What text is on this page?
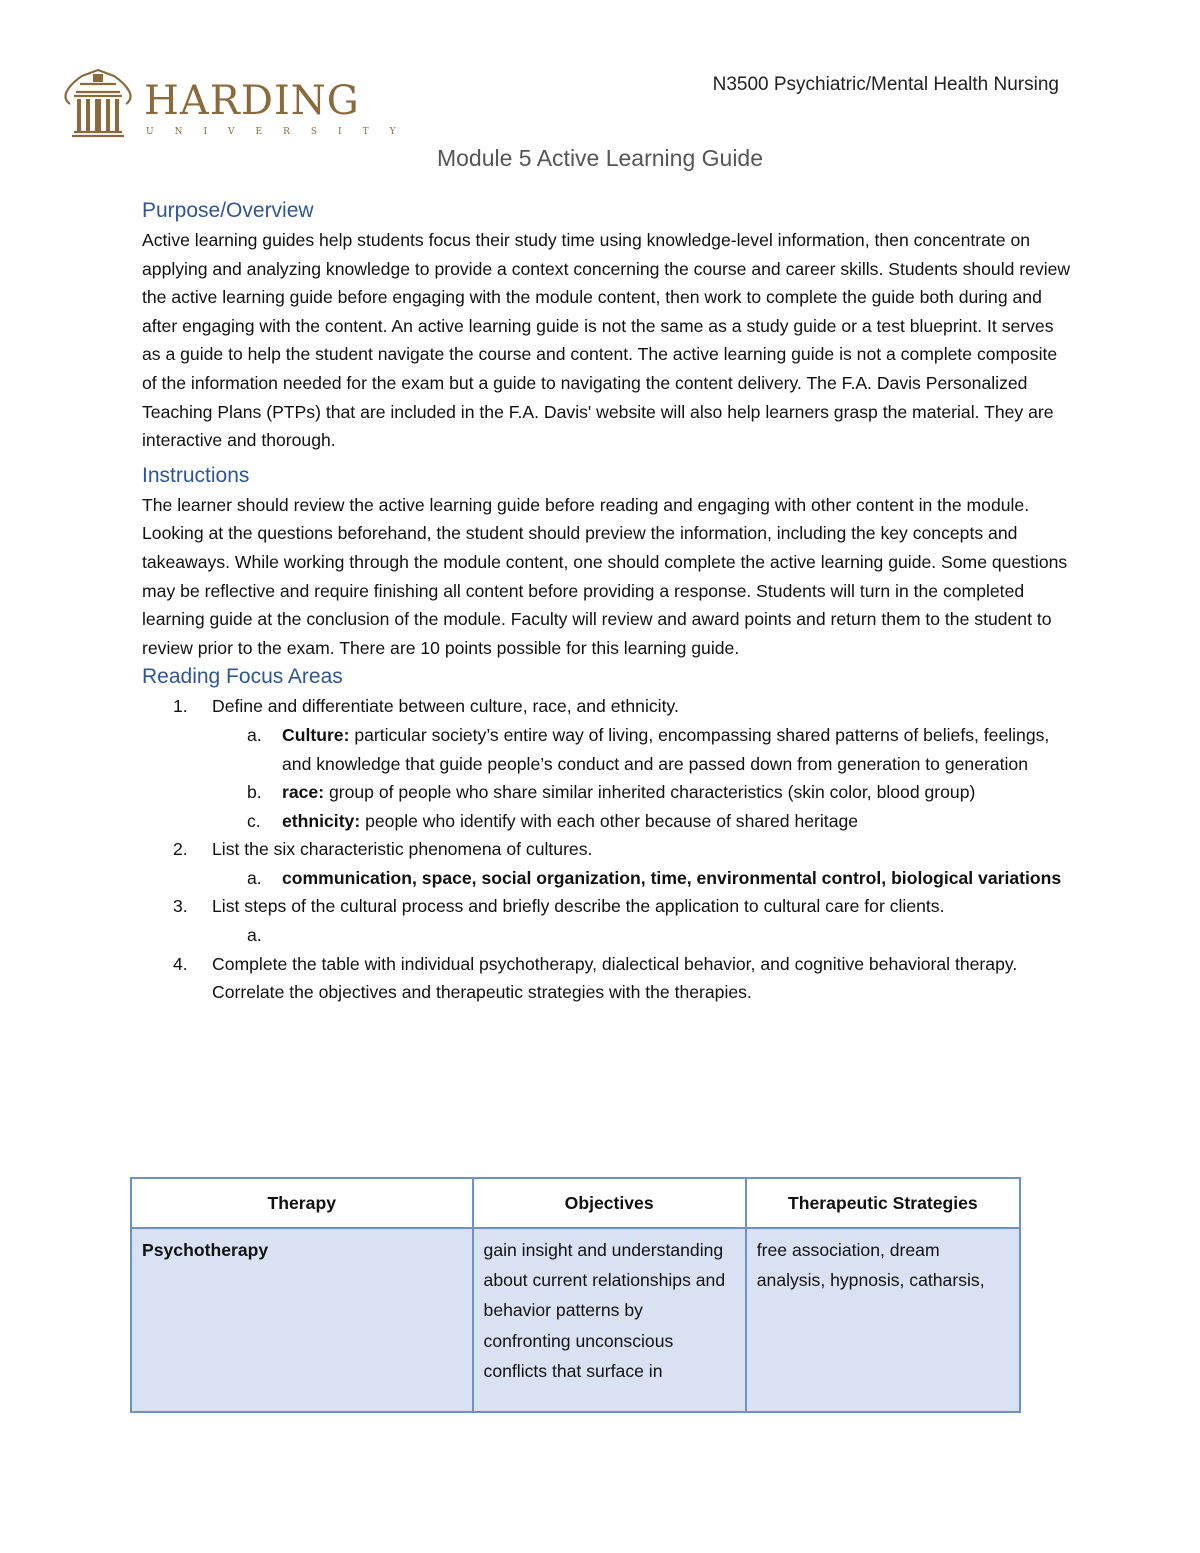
HARDING
UNIVERSITY
N3500 Psychiatric/Mental Health Nursing
Module 5 Active Learning Guide
Purpose/Overview

Active learning guides help students focus their study time using knowledge-level information, then concentrate on applying and analyzing knowledge to provide a context concerning the course and career skills. Students should review the active learning guide before engaging with the module content, then work to complete the guide both during and after engaging with the content. An active learning guide is not the same as a study guide or a test blueprint. It serves as a guide to help the student navigate the course and content. The active learning guide is not a complete composite of the information needed for the exam but a guide to navigating the content delivery. The F.A. Davis Personalized Teaching Plans (PTPs) that are included in the F.A. Davis' website will also help learners grasp the material. They are interactive and thorough.

Instructions

The learner should review the active learning guide before reading and engaging with other content in the module. Looking at the questions beforehand, the student should preview the information, including the key concepts and takeaways. While working through the module content, one should complete the active learning guide. Some questions may be reflective and require finishing all content before providing a response. Students will turn in the completed learning guide at the conclusion of the module. Faculty will review and award points and return them to the student to review prior to the exam. There are 10 points possible for this learning guide.

Reading Focus Areas
1. Define and differentiate between culture, race, and ethnicity.
a. Culture: particular society’s entire way of living, encompassing shared patterns of beliefs, feelings, and knowledge that guide people’s conduct and are passed down from generation to generation
b. race: group of people who share similar inherited characteristics (skin color, blood group)
c. ethnicity: people who identify with each other because of shared heritage
2. List the six characteristic phenomena of cultures.
a. communication, space, social organization, time, environmental control, biological variations
3. List steps of the cultural process and briefly describe the application to cultural care for clients.
a.

4. Complete the table with individual psychotherapy, dialectical behavior, and cognitive behavioral therapy. Correlate the objectives and therapeutic strategies with the therapies.
Therapy	Objectives	Therapeutic Strategies
Psychotherapy	gain insight and understanding about current relationships and behavior patterns by confronting unconscious conflicts that surface in	free association, dream analysis, hypnosis, catharsis,
